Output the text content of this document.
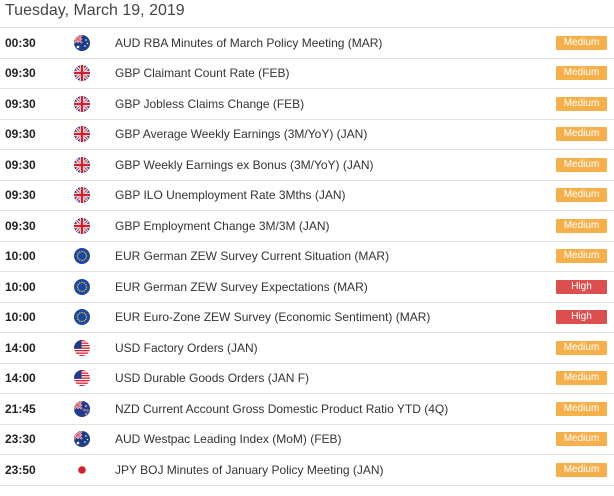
Tuesday, March 19, 2019
00:30	AUD RBA Minutes of March Policy Meeting (MAR)	Medium
09:30	GBP Claimant Count Rate (FEB)	Medium
09:30	GBP Jobless Claims Change (FEB)	Medium
09:30	GBP Average Weekly Earnings (3M/YoY) (JAN)	Medium
09:30	GBP Weekly Earnings ex Bonus (3M/YoY) (JAN)	Medium
09:30	GBP ILO Unemployment Rate 3Mths (JAN)	Medium
09:30	GBP Employment Change 3M/3M (JAN)	Medium
10:00	EUR German ZEW Survey Current Situation (MAR)	Medium
10:00	EUR German ZEW Survey Expectations (MAR)	High
10:00	EUR Euro-Zone ZEW Survey (Economic Sentiment) (MAR)	High
14:00	USD Factory Orders (JAN)	Medium
14:00	USD Durable Goods Orders (JAN F)	Medium
21:45	NZD Current Account Gross Domestic Product Ratio YTD (4Q)	Medium
23:30	AUD Westpac Leading Index (MoM) (FEB)	Medium
23:50	JPY BOJ Minutes of January Policy Meeting (JAN)	Medium
